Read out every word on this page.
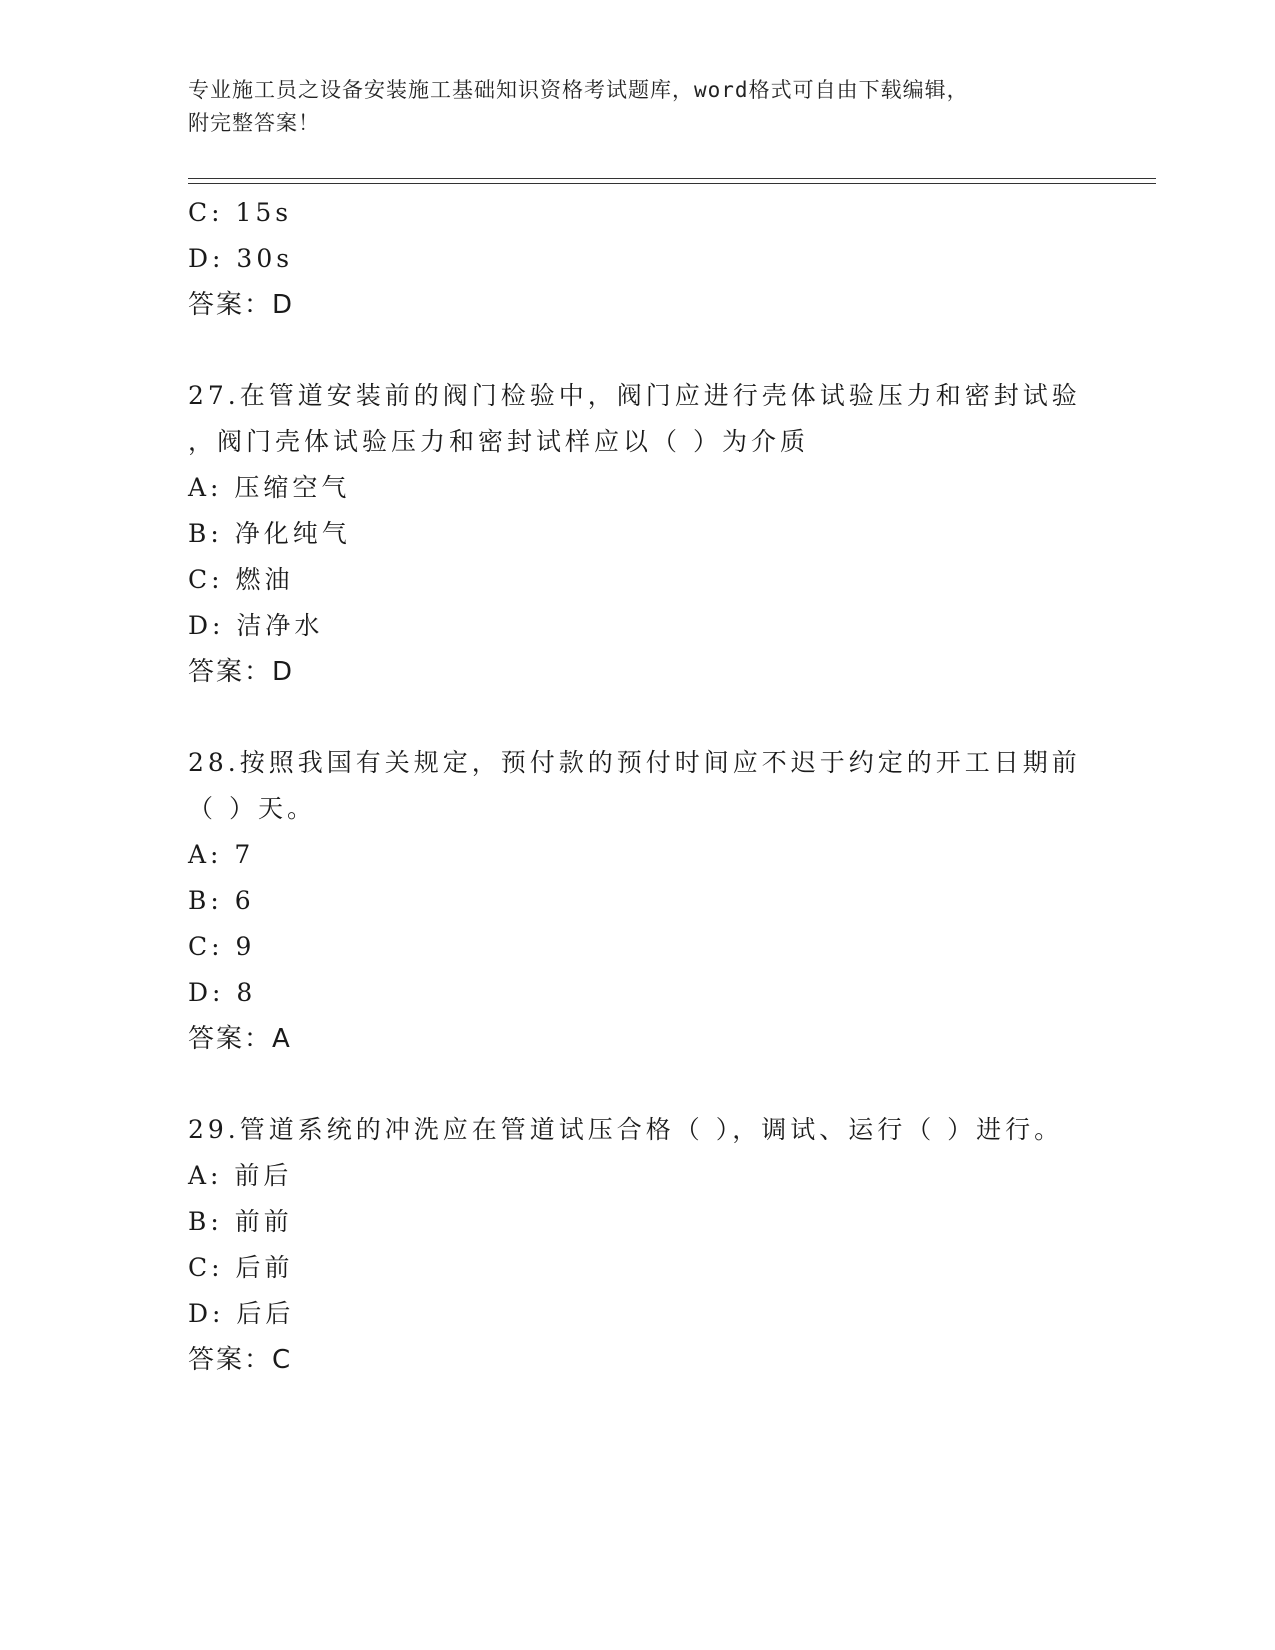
专业施工员之设备安装施工基础知识资格考试题库，word格式可自由下载编辑，
附完整答案！
C: 15s
D: 30s
答案：D
27.在管道安装前的阀门检验中，阀门应进行壳体试验压力和密封试验
，阀门壳体试验压力和密封试样应以（ ）为介质
A: 压缩空气
B: 净化纯气
C: 燃油
D: 洁净水
答案：D
28.按照我国有关规定，预付款的预付时间应不迟于约定的开工日期前
（ ）天。
A: 7
B: 6
C: 9
D: 8
答案：A
29.管道系统的冲洗应在管道试压合格（ ），调试、运行（ ）进行。
A: 前后
B: 前前
C: 后前
D: 后后
答案：C
